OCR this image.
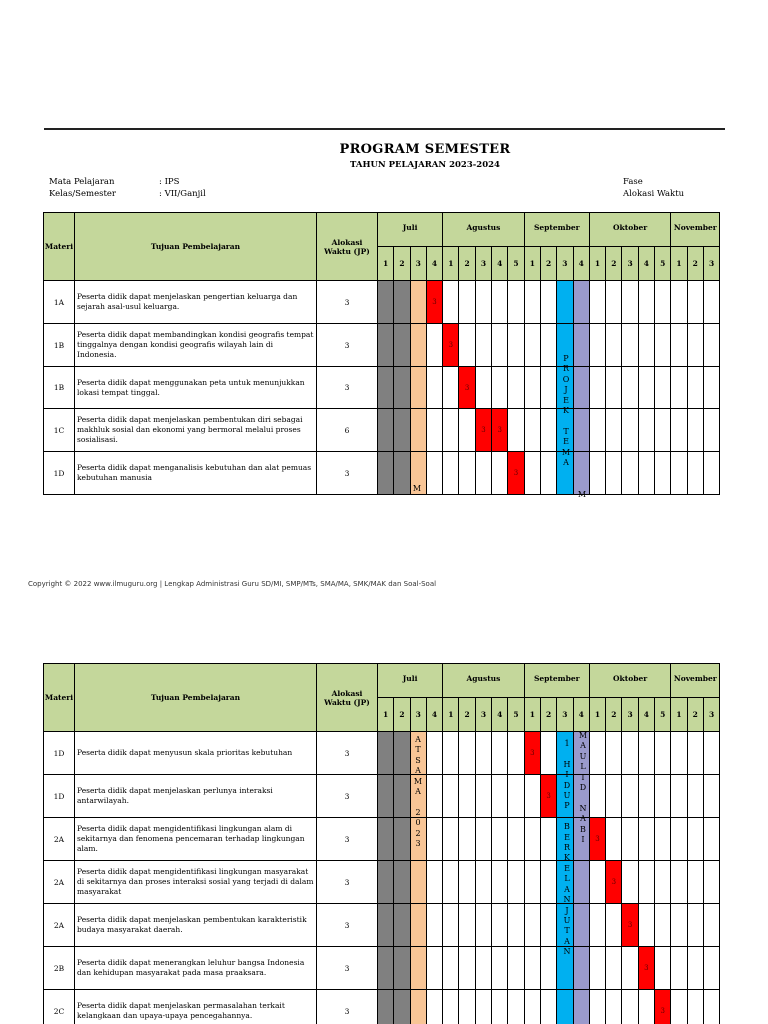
PROGRAM SEMESTER
TAHUN PELAJARAN 2023-2024
Mata Pelajaran	: IPS
Kelas/Semester	: VII/Ganjil
Fase
Alokasi Waktu
Materi	Tujuan Pembelajaran	Alokasi Waktu (JP)	Juli				Agustus					September				Oktober					November		
			1	2	3	4	1	2	3	4	5	1	2	3	4	1	2	3	4	5	1	2	3
1A	Peserta didik dapat menjelaskan pengertian keluarga dan sejarah asal-usul keluarga.	3				3																	
1B	Peserta didik dapat membandingkan kondisi geografis tempat tinggalnya dengan kondisi geografis wilayah lain di Indonesia.	3					3																
1B	Peserta didik dapat menggunakan peta untuk menunjukkan lokasi tempat tinggal.	3						3															
1C	Peserta didik dapat menjelaskan pembentukan diri sebagai makhluk sosial dan ekonomi yang bermoral melalui proses sosialisasi.	6							3	3													
1D	Peserta didik dapat menganalisis kebutuhan dan alat pemuas kebutuhan manusia	3									3												
P
R
O
J
E
K

T
E
M
A
M
M
Copyright © 2022 www.ilmuguru.org | Lengkap Administrasi Guru SD/MI, SMP/MTs, SMA/MA, SMK/MAK dan Soal-Soal
Materi	Tujuan Pembelajaran	Alokasi Waktu (JP)	Juli				Agustus					September				Oktober					November		
			1	2	3	4	1	2	3	4	5	1	2	3	4	1	2	3	4	5	1	2	3
1D	Peserta didik dapat menyusun skala prioritas kebutuhan	3										3											
1D	Peserta didik dapat menjelaskan perlunya interaksi antarwilayah.	3											3										
2A	Peserta didik dapat mengidentifikasi lingkungan alam di sekitarnya dan fenomena pencemaran terhadap lingkungan alam.	3														3							
2A	Peserta didik dapat mengidentifikasi lingkungan masyarakat di sekitarnya dan proses interaksi sosial yang terjadi di dalam masyarakat	3															3						
2A	Peserta didik dapat menjelaskan pembentukan karakteristik budaya masyarakat daerah.	3																3					
2B	Peserta didik dapat menerangkan leluhur bangsa Indonesia dan kehidupan masyarakat pada masa praaksara.	3																	3				
2C	Peserta didik dapat menjelaskan permasalahan terkait kelangkaan dan upaya-upaya pencegahannya.	3																		3			
A
T
S
A
M
A

2
0
2
3
1

H
I
D
U
P

B
E
R
K
E
L
A
N
J
U
T
A
N
M
A
U
L
I
D

N
A
B
I
